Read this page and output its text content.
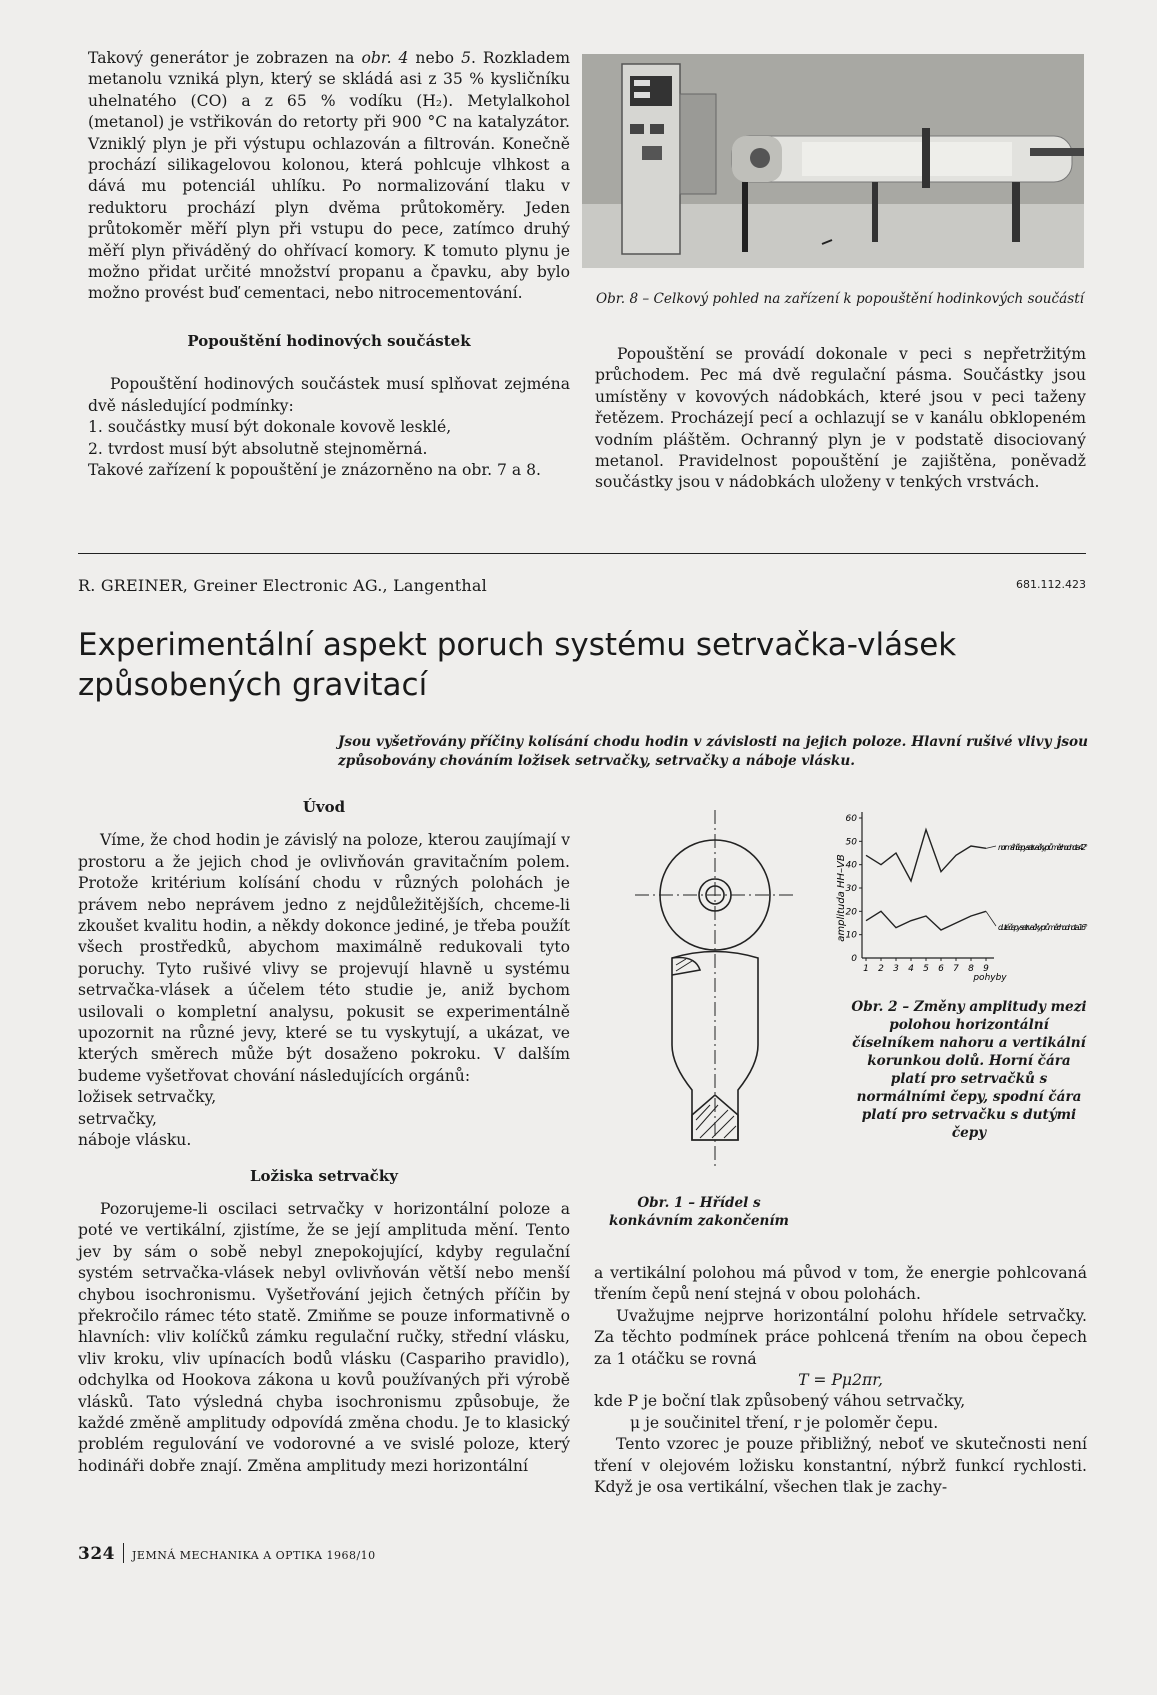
Takový generátor je zobrazen na obr. 4 nebo 5. Rozkladem metanolu vzniká plyn, který se skládá asi z 35 % kysličníku uhelnatého (CO) a z 65 % vodíku (H₂). Metylalkohol (metanol) je vstřikován do retorty při 900 °C na katalyzátor. Vzniklý plyn je při výstupu ochlazován a filtrován. Konečně prochází silikagelovou kolonou, která pohlcuje vlhkost a dává mu potenciál uhlíku. Po normalizování tlaku v reduktoru prochází plyn dvěma průtokoměry. Jeden průtokoměr měří plyn při vstupu do pece, zatímco druhý měří plyn přiváděný do ohřívací komory. K tomuto plynu je možno přidat určité množství propanu a čpavku, aby bylo možno provést buď cementaci, nebo nitrocementování.

Popouštění hodinových součástek

Popouštění hodinových součástek musí splňovat zejména dvě následující podmínky:

1. součástky musí být dokonale kovově lesklé,

2. tvrdost musí být absolutně stejnoměrná.

Takové zařízení k popouštění je znázorněno na obr. 7 a 8.

Obr. 8 – Celkový pohled na zařízení k popouštění hodinkových součástí

Popouštění se provádí dokonale v peci s nepřetržitým průchodem. Pec má dvě regulační pásma. Součástky jsou umístěny v kovových nádobkách, které jsou v peci taženy řetězem. Procházejí pecí a ochlazují se v kanálu obklopeném vodním pláštěm. Ochranný plyn je v podstatě disociovaný metanol. Pravidelnost popouštění je zajištěna, poněvadž součástky jsou v nádobkách uloženy v tenkých vrstvách.

R. GREINER, Greiner Electronic AG., Langenthal	681.112.423
Experimentální aspekt poruch systému setrvačka-vlásek způsobených gravitací
Jsou vyšetřovány příčiny kolísání chodu hodin v závislosti na jejich poloze. Hlavní rušivé vlivy jsou způsobovány chováním ložisek setrvačky, setrvačky a náboje vlásku.

Úvod

Víme, že chod hodin je závislý na poloze, kterou zaujímají v prostoru a že jejich chod je ovlivňován gravitačním polem. Protože kritérium kolísání chodu v různých polohách je právem nebo neprávem jedno z nejdůležitějších, chceme-li zkoušet kvalitu hodin, a někdy dokonce jediné, je třeba použít všech prostředků, abychom maximálně redukovali tyto poruchy. Tyto rušivé vlivy se projevují hlavně u systému setrvačka-vlásek a účelem této studie je, aniž bychom usilovali o kompletní analysu, pokusit se experimentálně upozornit na různé jevy, které se tu vyskytují, a ukázat, ve kterých směrech může být dosaženo pokroku. V dalším budeme vyšetřovat chování následujících orgánů:

ložisek setrvačky,

setrvačky,

náboje vlásku.

Ložiska setrvačky

Pozorujeme-li oscilaci setrvačky v horizontální poloze a poté ve vertikální, zjistíme, že se její amplituda mění. Tento jev by sám o sobě nebyl znepokojující, kdyby regulační systém setrvačka-vlásek nebyl ovlivňován větší nebo menší chybou isochronismu. Vyšetřování jejich četných příčin by překročilo rámec této statě. Zmiňme se pouze informativně o hlavních: vliv kolíčků zámku regulační ručky, střední vlásku, vliv kroku, vliv upínacích bodů vlásku (Caspariho pravidlo), odchylka od Hookova zákona u kovů používaných při výrobě vlásků. Tato výsledná chyba isochronismu způsobuje, že každé změně amplitudy odpovídá změna chodu. Je to klasický problém regulování ve vodorovné a ve svislé poloze, který hodináři dobře znají. Změna amplitudy mezi horizontální

Obr. 1 – Hřídel s konkávním zakončením
10
20
30
40
50
60
0
1 2 3 4 5 6 7 8 9
amplituda HH–VB
pohyby
normální čepy setrvačky průměr: hodnota 42°
duté čepy setrvačky průměr: hodnota 16°
Obr. 2 – Změny amplitudy mezi polohou horizontální číselníkem nahoru a vertikální korunkou dolů. Horní čára platí pro setrvačků s normálními čepy, spodní čára platí pro setrvačku s dutými čepy

a vertikální polohou má původ v tom, že energie pohlcovaná třením čepů není stejná v obou polohách.

Uvažujme nejprve horizontální polohu hřídele setrvačky. Za těchto podmínek práce pohlcená třením na obou čepech za 1 otáčku se rovná

T = Pμ2πr,

kde P je boční tlak způsobený váhou setrvačky,

μ je součinitel tření, r je poloměr čepu.

Tento vzorec je pouze přibližný, neboť ve skutečnosti není tření v olejovém ložisku konstantní, nýbrž funkcí rychlosti. Když je osa vertikální, všechen tlak je zachy-

324 JEMNÁ MECHANIKA A OPTIKA 1968/10
